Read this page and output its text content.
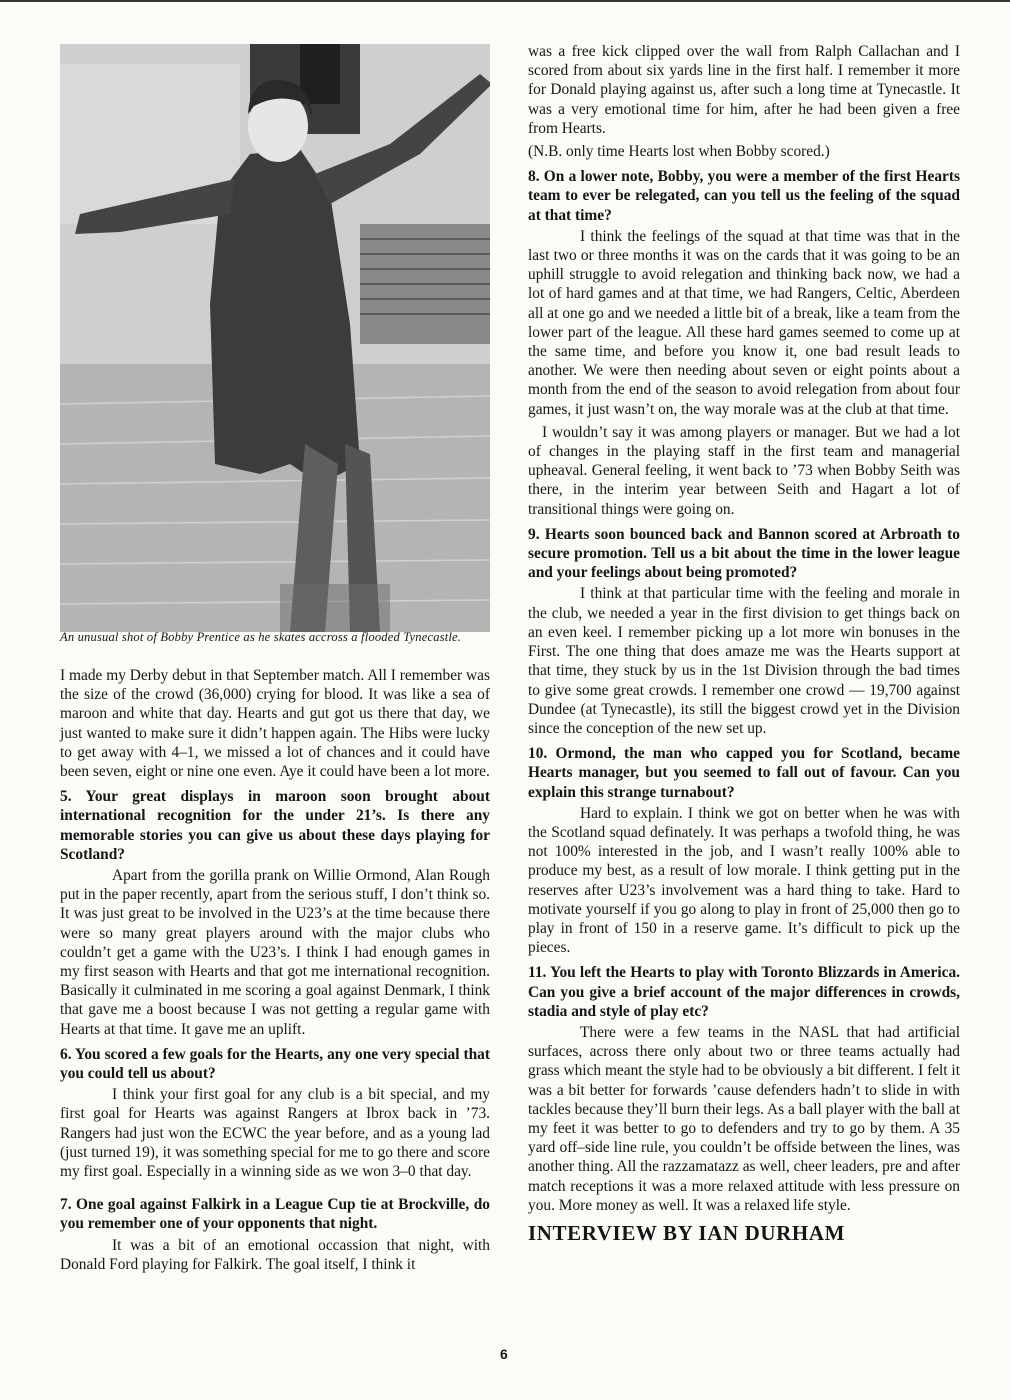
An unusual shot of Bobby Prentice as he skates accross a flooded Tynecastle.

I made my Derby debut in that September match. All I remember was the size of the crowd (36,000) crying for blood. It was like a sea of maroon and white that day. Hearts and gut got us there that day, we just wanted to make sure it didn’t happen again. The Hibs were lucky to get away with 4–1, we missed a lot of chances and it could have been seven, eight or nine one even. Aye it could have been a lot more.

5. Your great displays in maroon soon brought about international recognition for the under 21’s. Is there any memorable stories you can give us about these days playing for Scotland?

Apart from the gorilla prank on Willie Ormond, Alan Rough put in the paper recently, apart from the serious stuff, I don’t think so. It was just great to be involved in the U23’s at the time because there were so many great players around with the major clubs who couldn’t get a game with the U23’s. I think I had enough games in my first season with Hearts and that got me international recognition. Basically it culminated in me scoring a goal against Denmark, I think that gave me a boost because I was not getting a regular game with Hearts at that time. It gave me an uplift.

6. You scored a few goals for the Hearts, any one very special that you could tell us about?

I think your first goal for any club is a bit special, and my first goal for Hearts was against Rangers at Ibrox back in ’73. Rangers had just won the ECWC the year before, and as a young lad (just turned 19), it was something special for me to go there and score my first goal. Especially in a winning side as we won 3–0 that day.

7. One goal against Falkirk in a League Cup tie at Brockville, do you remember one of your opponents that night.

It was a bit of an emotional occassion that night, with Donald Ford playing for Falkirk. The goal itself, I think it

was a free kick clipped over the wall from Ralph Callachan and I scored from about six yards line in the first half. I remember it more for Donald playing against us, after such a long time at Tynecastle. It was a very emotional time for him, after he had been given a free from Hearts.

(N.B. only time Hearts lost when Bobby scored.)

8. On a lower note, Bobby, you were a member of the first Hearts team to ever be relegated, can you tell us the feeling of the squad at that time?

I think the feelings of the squad at that time was that in the last two or three months it was on the cards that it was going to be an uphill struggle to avoid relegation and thinking back now, we had a lot of hard games and at that time, we had Rangers, Celtic, Aberdeen all at one go and we needed a little bit of a break, like a team from the lower part of the league. All these hard games seemed to come up at the same time, and before you know it, one bad result leads to another. We were then needing about seven or eight points about a month from the end of the season to avoid relegation from about four games, it just wasn’t on, the way morale was at the club at that time.

I wouldn’t say it was among players or manager. But we had a lot of changes in the playing staff in the first team and managerial upheaval. General feeling, it went back to ’73 when Bobby Seith was there, in the interim year between Seith and Hagart a lot of transitional things were going on.

9. Hearts soon bounced back and Bannon scored at Arbroath to secure promotion. Tell us a bit about the time in the lower league and your feelings about being promoted?

I think at that particular time with the feeling and morale in the club, we needed a year in the first division to get things back on an even keel. I remember picking up a lot more win bonuses in the First. The one thing that does amaze me was the Hearts support at that time, they stuck by us in the 1st Division through the bad times to give some great crowds. I remember one crowd — 19,700 against Dundee (at Tynecastle), its still the biggest crowd yet in the Division since the conception of the new set up.

10. Ormond, the man who capped you for Scotland, became Hearts manager, but you seemed to fall out of favour. Can you explain this strange turnabout?

Hard to explain. I think we got on better when he was with the Scotland squad definately. It was perhaps a twofold thing, he was not 100% interested in the job, and I wasn’t really 100% able to produce my best, as a result of low morale. I think getting put in the reserves after U23’s involvement was a hard thing to take. Hard to motivate yourself if you go along to play in front of 25,000 then go to play in front of 150 in a reserve game. It’s difficult to pick up the pieces.

11. You left the Hearts to play with Toronto Blizzards in America. Can you give a brief account of the major differences in crowds, stadia and style of play etc?

There were a few teams in the NASL that had artificial surfaces, across there only about two or three teams actually had grass which meant the style had to be obviously a bit different. I felt it was a bit better for forwards ’cause defenders hadn’t to slide in with tackles because they’ll burn their legs. As a ball player with the ball at my feet it was better to go to defenders and try to go by them. A 35 yard off–side line rule, you couldn’t be offside between the lines, was another thing. All the razzamatazz as well, cheer leaders, pre and after match receptions it was a more relaxed attitude with less pressure on you. More money as well. It was a relaxed life style.

INTERVIEW BY IAN DURHAM
6
